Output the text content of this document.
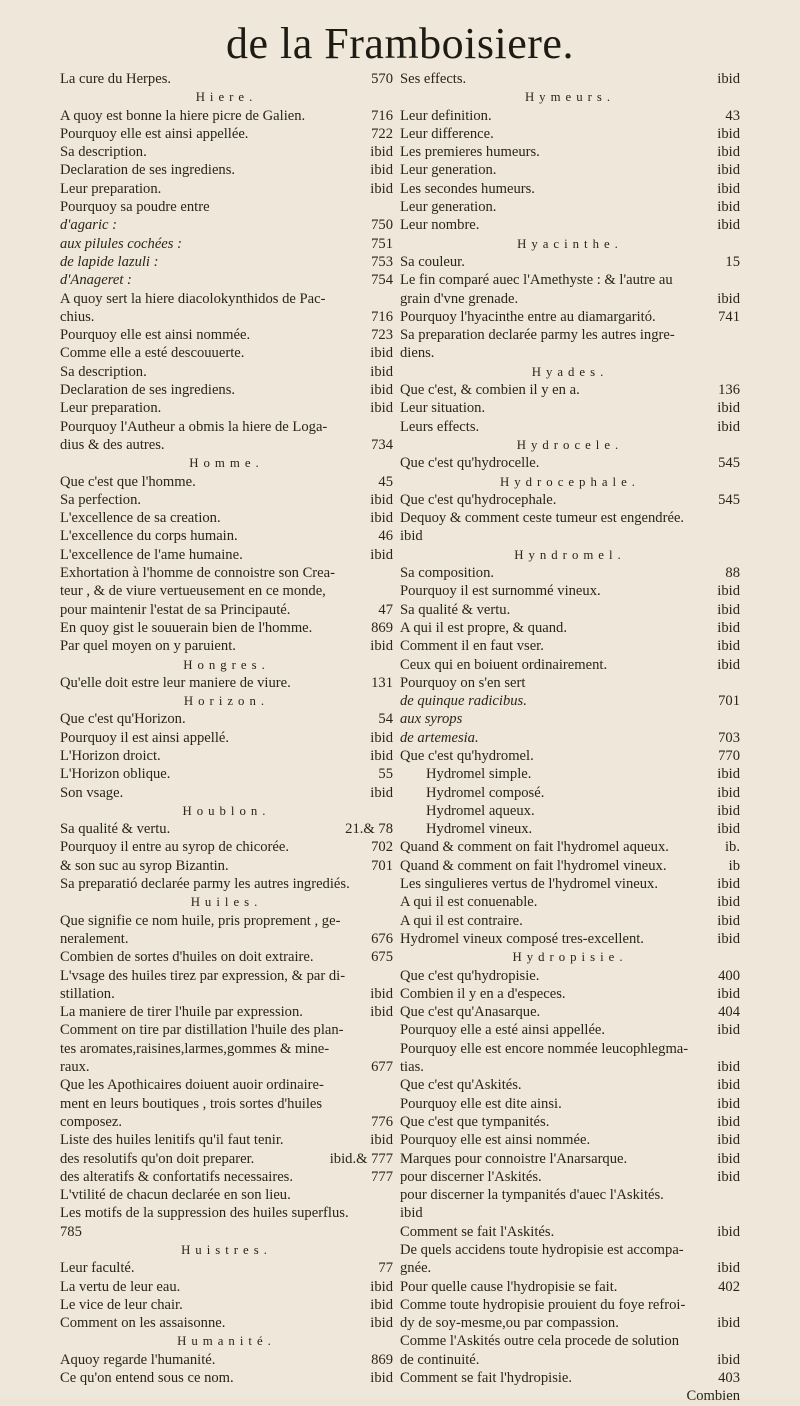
de la Framboisiere.
La cure du Herpes.	570
Hiere.
A quoy est bonne la hiere picre de Galien.	716
Pourquoy elle est ainsi appellée.	722
Sa description.	ibid
Declaration de ses ingrediens.	ibid
Leur preparation.	ibid
Pourquoy sa poudre entre
d'agaric :	750
aux pilules cochées :	751
de lapide lazuli :	753
d'Anageret :	754
A quoy sert la hiere diacolokynthidos de Pac-
chius.	716
Pourquoy elle est ainsi nommée.	723
Comme elle a esté descouuerte.	ibid
Sa description.	ibid
Declaration de ses ingrediens.	ibid
Leur preparation.	ibid
Pourquoy l'Autheur a obmis la hiere de Loga-
dius & des autres.	734
Homme.
Que c'est que l'homme.	45
Sa perfection.	ibid
L'excellence de sa creation.	ibid
L'excellence du corps humain.	46
L'excellence de l'ame humaine.	ibid
Exhortation à l'homme de connoistre son Crea-
teur , & de viure vertueusement en ce monde,
pour maintenir l'estat de sa Principauté.	47
En quoy gist le souuerain bien de l'homme.	869
Par quel moyen on y paruient.	ibid
Hongres.
Qu'elle doit estre leur maniere de viure.	131
Horizon.
Que c'est qu'Horizon.	54
Pourquoy il est ainsi appellé.	ibid
L'Horizon droict.	ibid
L'Horizon oblique.	55
Son vsage.	ibid
Houblon.
Sa qualité & vertu.	21.& 78
Pourquoy il entre au syrop de chicorée.	702
& son suc au syrop Bizantin.	701
Sa preparatió declarée parmy les autres ingrediés.
Huiles.
Que signifie ce nom huile, pris proprement , ge-
neralement.	676
Combien de sortes d'huiles on doit extraire.	675
L'vsage des huiles tirez par expression, & par di-
stillation.	ibid
La maniere de tirer l'huile par expression.	ibid
Comment on tire par distillation l'huile des plan-
tes aromates,raisines,larmes,gommes & mine-
raux.	677
Que les Apothicaires doiuent auoir ordinaire-
ment en leurs boutiques , trois sortes d'huiles
composez.	776
Liste des huiles lenitifs qu'il faut tenir.	ibid
des resolutifs qu'on doit preparer.	ibid.& 777
des alteratifs & confortatifs necessaires.	777
L'vtilité de chacun declarée en son lieu.
Les motifs de la suppression des huiles superflus.
785
Huistres.
Leur faculté.	77
La vertu de leur eau.	ibid
Le vice de leur chair.	ibid
Comment on les assaisonne.	ibid
Humanité.
Aquoy regarde l'humanité.	869
Ce qu'on entend sous ce nom.	ibid
Ses effects.	ibid
Hymeurs.
Leur definition.	43
Leur difference.	ibid
Les premieres humeurs.	ibid
Leur generation.	ibid
Les secondes humeurs.	ibid
Leur generation.	ibid
Leur nombre.	ibid
Hyacinthe.
Sa couleur.	15
Le fin comparé auec l'Amethyste : & l'autre au
grain d'vne grenade.	ibid
Pourquoy l'hyacinthe entre au diamargaritó.	741
Sa preparation declarée parmy les autres ingre-
diens.
Hyades.
Que c'est, & combien il y en a.	136
Leur situation.	ibid
Leurs effects.	ibid
Hydrocele.
Que c'est qu'hydrocelle.	545
Hydrocephale.
Que c'est qu'hydrocephale.	545
Dequoy & comment ceste tumeur est engendrée.
ibid
Hyndromel.
Sa composition.	88
Pourquoy il est surnommé vineux.	ibid
Sa qualité & vertu.	ibid
A qui il est propre, & quand.	ibid
Comment il en faut vser.	ibid
Ceux qui en boiuent ordinairement.	ibid
Pourquoy on s'en sert
de quinque radicibus.	701
aux syrops
de artemesia.	703
Que c'est qu'hydromel.	770
Hydromel simple.	ibid
Hydromel composé.	ibid
Hydromel aqueux.	ibid
Hydromel vineux.	ibid
Quand & comment on fait l'hydromel aqueux.	ib.
Quand & comment on fait l'hydromel vineux.	ib
Les singulieres vertus de l'hydromel vineux.	ibid
A qui il est conuenable.	ibid
A qui il est contraire.	ibid
Hydromel vineux composé tres-excellent.	ibid
Hydropisie.
Que c'est qu'hydropisie.	400
Combien il y en a d'especes.	ibid
Que c'est qu'Anasarque.	404
Pourquoy elle a esté ainsi appellée.	ibid
Pourquoy elle est encore nommée leucophlegma-
tias.	ibid
Que c'est qu'Askités.	ibid
Pourquoy elle est dite ainsi.	ibid
Que c'est que tympanités.	ibid
Pourquoy elle est ainsi nommée.	ibid
Marques pour connoistre l'Anarsarque.	ibid
pour discerner l'Askités.	ibid
pour discerner la tympanités d'auec l'Askités.
ibid
Comment se fait l'Askités.	ibid
De quels accidens toute hydropisie est accompa-
gnée.	ibid
Pour quelle cause l'hydropisie se fait.	402
Comme toute hydropisie prouient du foye refroi-
dy de soy-mesme,ou par compassion.	ibid
Comme l'Askités outre cela procede de solution
de continuité.	ibid
Comment se fait l'hydropisie.	403
Combien
